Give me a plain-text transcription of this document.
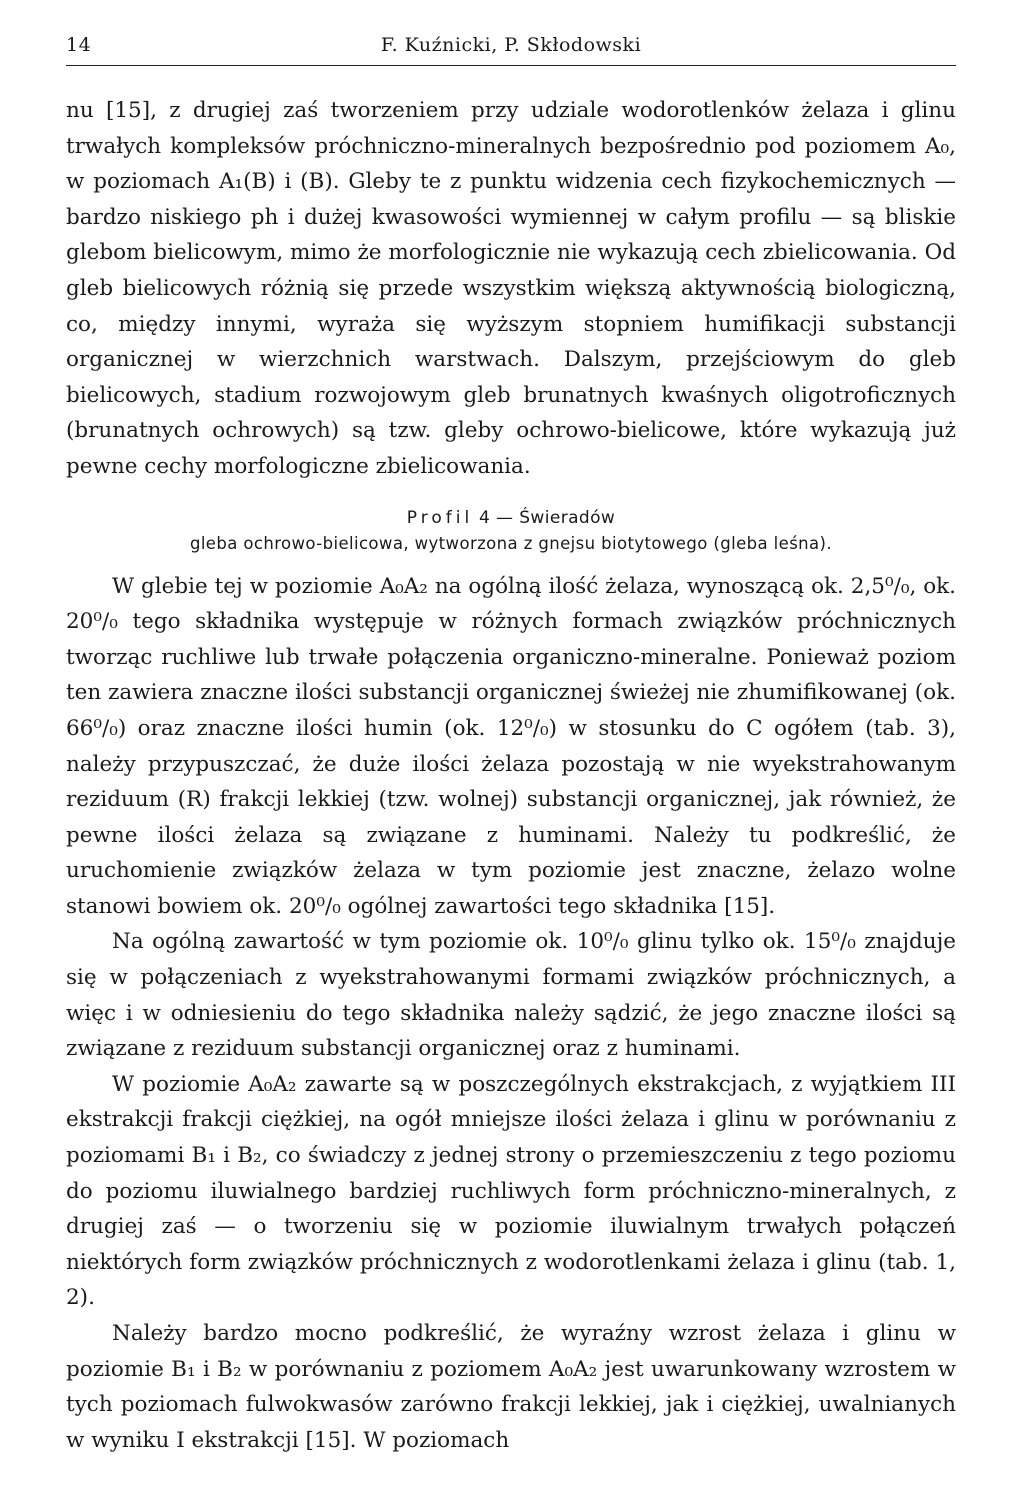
14	F. Kuźnicki, P. Skłodowski

nu [15], z drugiej zaś tworzeniem przy udziale wodorotlenków żelaza i glinu trwałych kompleksów próchniczno-mineralnych bezpośrednio pod poziomem A₀, w poziomach A₁(B) i (B). Gleby te z punktu widzenia cech fizykochemicznych — bardzo niskiego ph i dużej kwasowości wymiennej w całym profilu — są bliskie glebom bielicowym, mimo że morfologicznie nie wykazują cech zbielicowania. Od gleb bielicowych różnią się przede wszystkim większą aktywnością biologiczną, co, między innymi, wyraża się wyższym stopniem humifikacji substancji organicznej w wierzchnich warstwach. Dalszym, przejściowym do gleb bielicowych, stadium rozwojowym gleb brunatnych kwaśnych oligotroficznych (brunatnych ochrowych) są tzw. gleby ochrowo-bielicowe, które wykazują już pewne cechy morfologiczne zbielicowania.

Profil 4 — Świeradów
gleba ochrowo-bielicowa, wytworzona z gnejsu biotytowego (gleba leśna).

W glebie tej w poziomie A₀A₂ na ogólną ilość żelaza, wynoszącą ok. 2,5⁰/₀, ok. 20⁰/₀ tego składnika występuje w różnych formach związków próchnicznych tworząc ruchliwe lub trwałe połączenia organiczno-mineralne. Ponieważ poziom ten zawiera znaczne ilości substancji organicznej świeżej nie zhumifikowanej (ok. 66⁰/₀) oraz znaczne ilości humin (ok. 12⁰/₀) w stosunku do C ogółem (tab. 3), należy przypuszczać, że duże ilości żelaza pozostają w nie wyekstrahowanym reziduum (R) frakcji lekkiej (tzw. wolnej) substancji organicznej, jak również, że pewne ilości żelaza są związane z huminami. Należy tu podkreślić, że uruchomienie związków żelaza w tym poziomie jest znaczne, żelazo wolne stanowi bowiem ok. 20⁰/₀ ogólnej zawartości tego składnika [15].

Na ogólną zawartość w tym poziomie ok. 10⁰/₀ glinu tylko ok. 15⁰/₀ znajduje się w połączeniach z wyekstrahowanymi formami związków próchnicznych, a więc i w odniesieniu do tego składnika należy sądzić, że jego znaczne ilości są związane z reziduum substancji organicznej oraz z huminami.

W poziomie A₀A₂ zawarte są w poszczególnych ekstrakcjach, z wyjątkiem III ekstrakcji frakcji ciężkiej, na ogół mniejsze ilości żelaza i glinu w porównaniu z poziomami B₁ i B₂, co świadczy z jednej strony o przemieszczeniu z tego poziomu do poziomu iluwialnego bardziej ruchliwych form próchniczno-mineralnych, z drugiej zaś — o tworzeniu się w poziomie iluwialnym trwałych połączeń niektórych form związków próchnicznych z wodorotlenkami żelaza i glinu (tab. 1, 2).

Należy bardzo mocno podkreślić, że wyraźny wzrost żelaza i glinu w poziomie B₁ i B₂ w porównaniu z poziomem A₀A₂ jest uwarunkowany wzrostem w tych poziomach fulwokwasów zarówno frakcji lekkiej, jak i ciężkiej, uwalnianych w wyniku I ekstrakcji [15]. W poziomach
